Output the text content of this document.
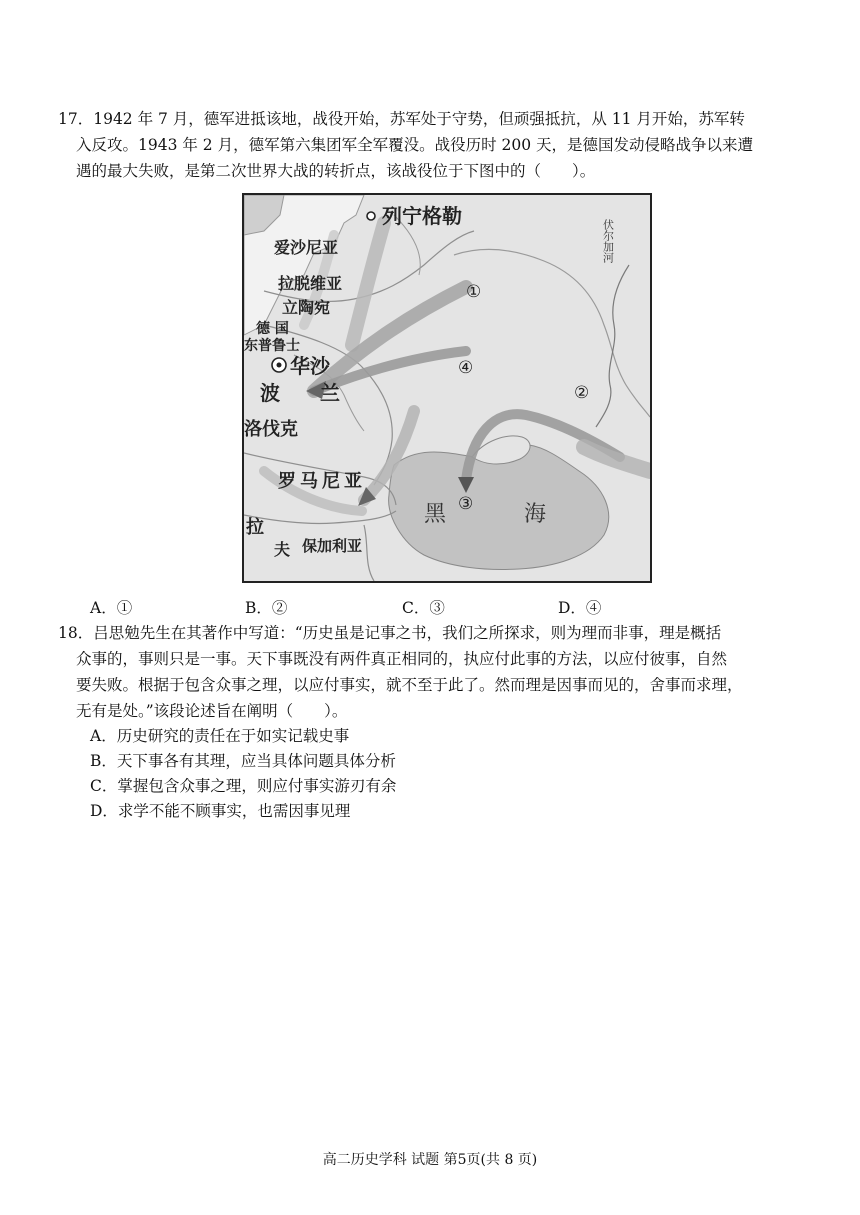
17．1942 年 7 月，德军进抵该地，战役开始，苏军处于守势，但顽强抵抗，从 11 月开始，苏军转
入反攻。1943 年 2 月，德军第六集团军全军覆没。战役历时 200 天，是德国发动侵略战争以来遭
遇的最大失败，是第二次世界大战的转折点，该战役位于下图中的（　　）。
列宁格勒
爱沙尼亚
拉脱维亚
立陶宛
德 国
东普鲁士
华沙
波 兰
洛伐克
罗马尼亚
拉
夫 保加利亚
黑	海
伏尔加河
①
②
③
④
A．①	B．②	C．③	D．④
18．吕思勉先生在其著作中写道：“历史虽是记事之书，我们之所探求，则为理而非事，理是概括
众事的，事则只是一事。天下事既没有两件真正相同的，执应付此事的方法，以应付彼事，自然
要失败。根据于包含众事之理，以应付事实，就不至于此了。然而理是因事而见的，舍事而求理，
无有是处。”该段论述旨在阐明（　　）。
A．历史研究的责任在于如实记载史事
B．天下事各有其理，应当具体问题具体分析
C．掌握包含众事之理，则应付事实游刃有余
D．求学不能不顾事实，也需因事见理
高二历史学科 试题 第5页(共 8 页)
